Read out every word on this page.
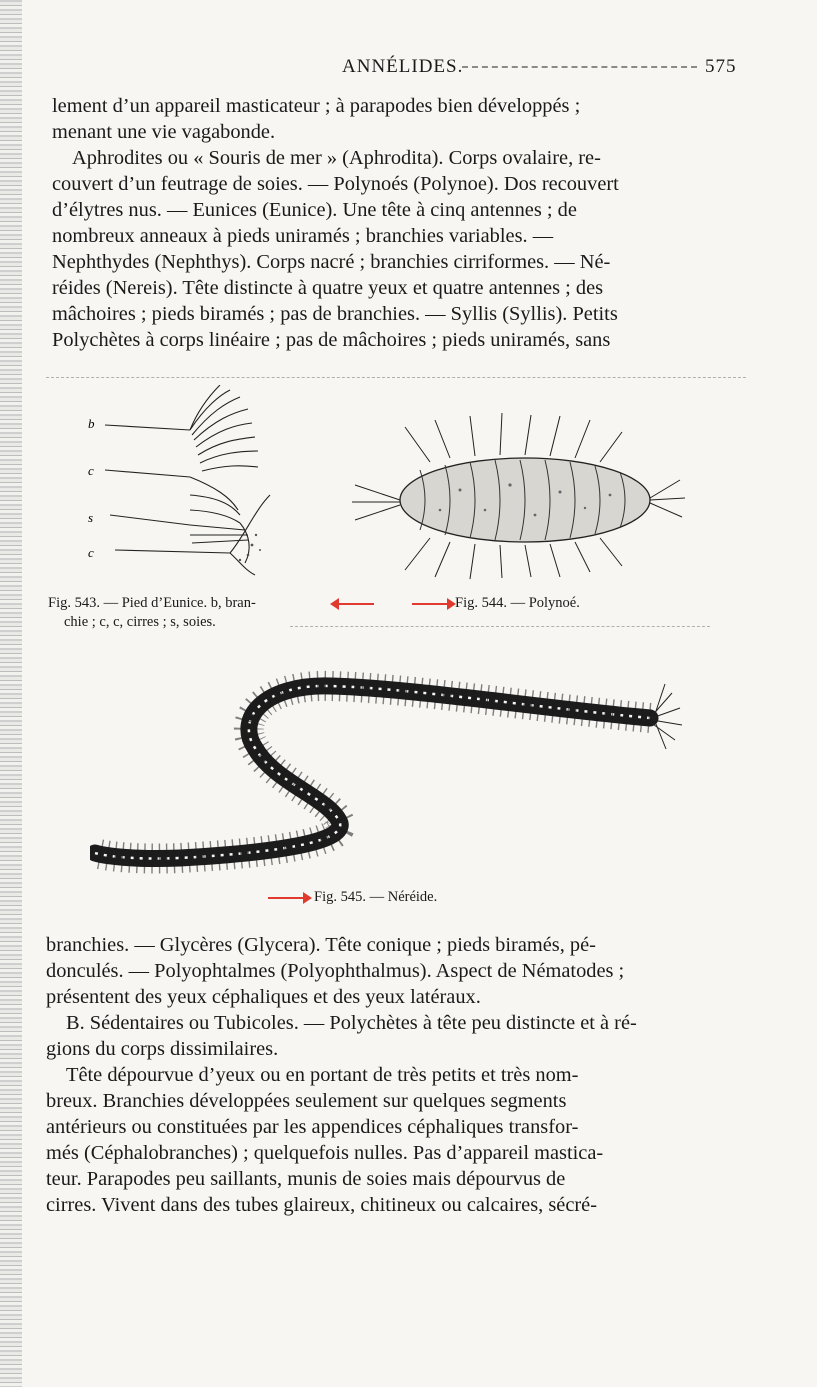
ANNÉLIDES.	575
lement d’un appareil masticateur ; à parapodes bien développés ;
menant une vie vagabonde.
Aphrodites ou « Souris de mer » (Aphrodita). Corps ovalaire, re-
couvert d’un feutrage de soies. — Polynoés (Polynoe). Dos recouvert
d’élytres nus. — Eunices (Eunice). Une tête à cinq antennes ; de
nombreux anneaux à pieds uniramés ; branchies variables. —
Nephthydes (Nephthys). Corps nacré ; branchies cirriformes. — Né-
réides (Nereis). Tête distincte à quatre yeux et quatre antennes ; des
mâchoires ; pieds biramés ; pas de branchies. — Syllis (Syllis). Petits
Polychètes à corps linéaire ; pas de mâchoires ; pieds uniramés, sans
b
c
s
c
Fig. 543. — Pied d’Eunice. b, bran-
chie ; c, c, cirres ; s, soies.
Fig. 544. — Polynoé.
Fig. 545. — Néréide.
branchies. — Glycères (Glycera). Tête conique ; pieds biramés, pé-
donculés. — Polyophtalmes (Polyophthalmus). Aspect de Nématodes ;
présentent des yeux céphaliques et des yeux latéraux.
B. Sédentaires ou Tubicoles. — Polychètes à tête peu distincte et à ré-
gions du corps dissimilaires.
Tête dépourvue d’yeux ou en portant de très petits et très nom-
breux. Branchies développées seulement sur quelques segments
antérieurs ou constituées par les appendices céphaliques transfor-
més (Céphalobranches) ; quelquefois nulles. Pas d’appareil mastica-
teur. Parapodes peu saillants, munis de soies mais dépourvus de
cirres. Vivent dans des tubes glaireux, chitineux ou calcaires, sécré-
